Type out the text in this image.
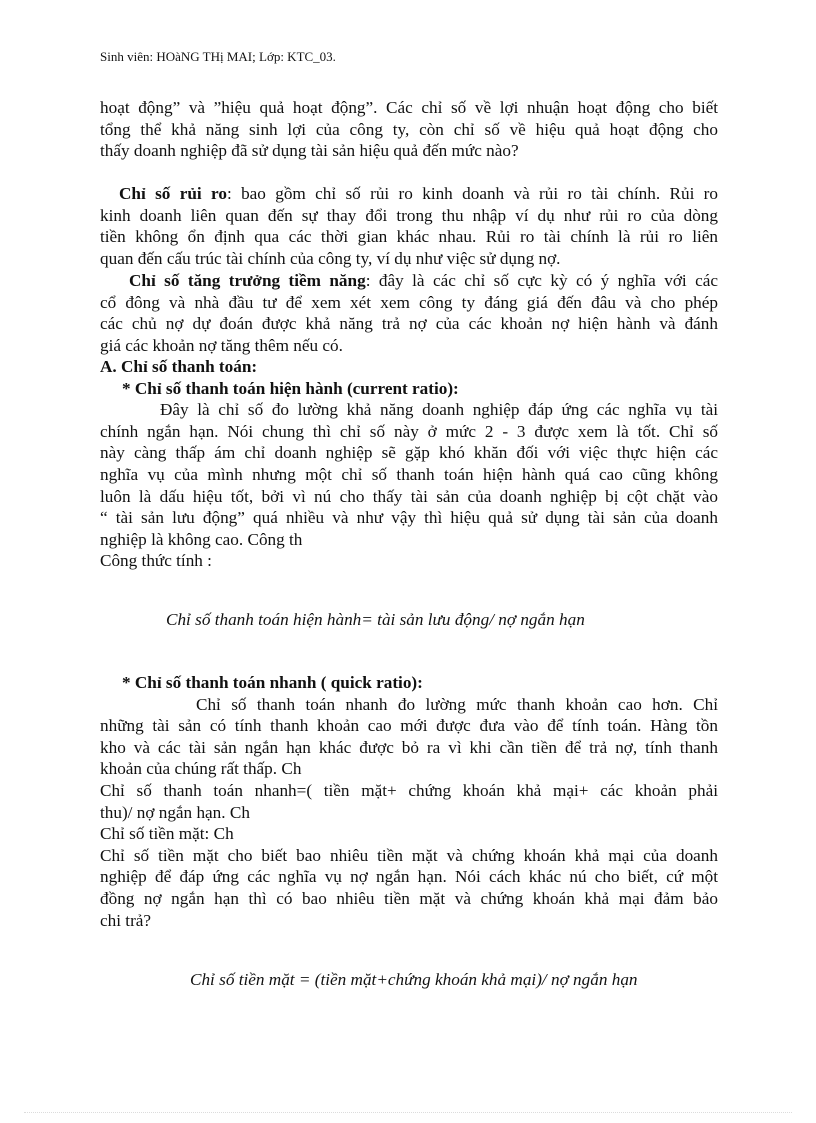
Sinh viên: HOàNG THị MAI; Lớp: KTC_03.
hoạt động” và ”hiệu quả hoạt động”. Các chỉ số về lợi nhuận hoạt động cho biết
tổng thể khả năng sinh lợi của công ty, còn chỉ số về hiệu quả hoạt động cho
thấy doanh nghiệp đã sử dụng tài sản hiệu quả đến mức nào?
Chỉ số rủi ro: bao gồm chỉ số rủi ro kinh doanh và rủi ro tài chính. Rủi ro
kinh doanh liên quan đến sự thay đổi trong thu nhập ví dụ như rủi ro của dòng
tiền không ổn định qua các thời gian khác nhau. Rủi ro tài chính là rủi ro liên
quan đến cấu trúc tài chính của công ty, ví dụ như việc sử dụng nợ.
Chỉ số tăng trưởng tiềm năng: đây là các chỉ số cực kỳ có ý nghĩa với các
cổ đông và nhà đầu tư để xem xét xem công ty đáng giá đến đâu và cho phép
các chủ nợ dự đoán được khả năng trả nợ của các khoản nợ hiện hành và đánh
giá các khoản nợ tăng thêm nếu có.
A. Chỉ số thanh toán:
* Chỉ số thanh toán hiện hành (current ratio):
Đây là chỉ số đo lường khả năng doanh nghiệp đáp ứng các nghĩa vụ tài
chính ngắn hạn. Nói chung thì chỉ số này ở mức 2 - 3 được xem là tốt. Chỉ số
này càng thấp ám chỉ doanh nghiệp sẽ gặp khó khăn đối với việc thực hiện các
nghĩa vụ của mình nhưng một chỉ số thanh toán hiện hành quá cao cũng không
luôn là dấu hiệu tốt, bởi vì nú cho thấy tài sản của doanh nghiệp bị cột chặt vào
“ tài sản lưu động” quá nhiều và như vậy thì hiệu quả sử dụng tài sản của doanh
nghiệp là không cao. Công th
Công thức tính :
Chỉ số thanh toán hiện hành= tài sản lưu động/ nợ ngắn hạn
* Chỉ số thanh toán nhanh ( quick ratio):
Chỉ số thanh toán nhanh đo lường mức thanh khoản cao hơn. Chỉ
những tài sản có tính thanh khoản cao mới được đưa vào để tính toán. Hàng tồn
kho và các tài sản ngắn hạn khác được bỏ ra vì khi cần tiền để trả nợ, tính thanh
khoản của chúng rất thấp. Ch
Chỉ số thanh toán nhanh=( tiền mặt+ chứng khoán khả mại+ các khoản phải
thu)/ nợ ngắn hạn. Ch
Chỉ số tiền mặt: Ch
Chỉ số tiền mặt cho biết bao nhiêu tiền mặt và chứng khoán khả mại của doanh
nghiệp để đáp ứng các nghĩa vụ nợ ngắn hạn. Nói cách khác nú cho biết, cứ một
đồng nợ ngắn hạn thì có bao nhiêu tiền mặt và chứng khoán khả mại đảm bảo
chi trả?
Chỉ số tiền mặt = (tiền mặt+chứng khoán khả mại)/ nợ ngắn hạn
